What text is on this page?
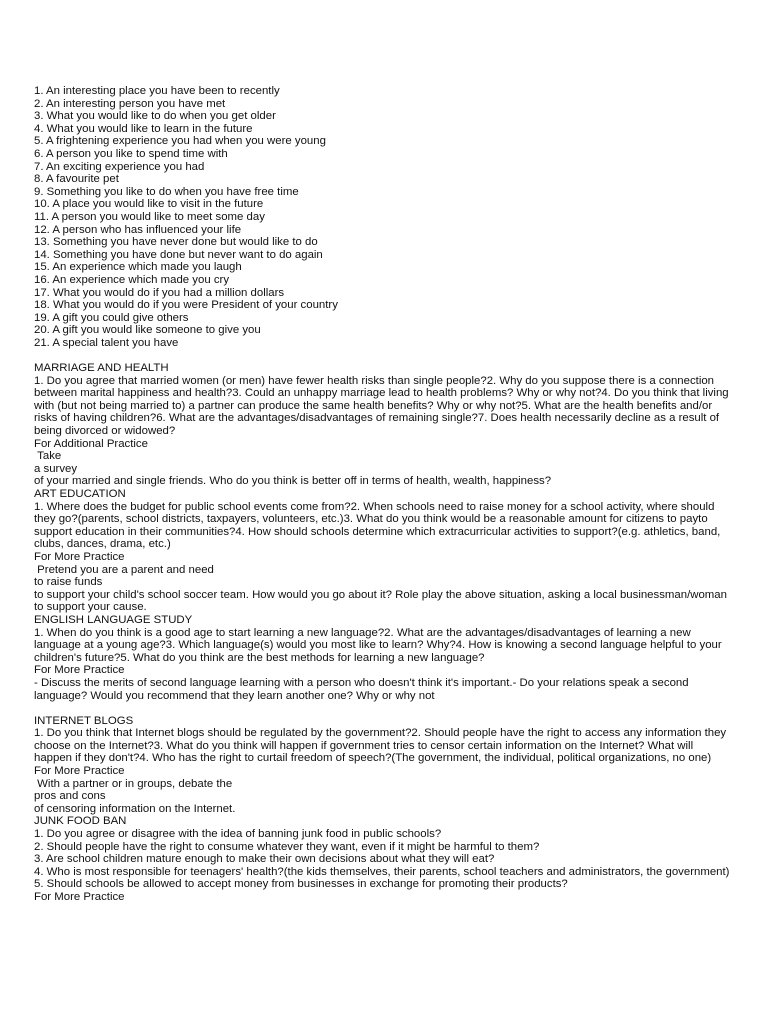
1. An interesting place you have been to recently
2. An interesting person you have met
3. What you would like to do when you get older
4. What you would like to learn in the future
5. A frightening experience you had when you were young
6. A person you like to spend time with
7. An exciting experience you had
8. A favourite pet
9. Something you like to do when you have free time
10. A place you would like to visit in the future
11. A person you would like to meet some day
12. A person who has influenced your life
13. Something you have never done but would like to do
14. Something you have done but never want to do again
15. An experience which made you laugh
16. An experience which made you cry
17. What you would do if you had a million dollars
18. What you would do if you were President of your country
19. A gift you could give others
20. A gift you would like someone to give you
21. A special talent you have
MARRIAGE AND HEALTH
1. Do you agree that married women (or men) have fewer health risks than single people?2. Why do you suppose there is a connection between marital happiness and health?3. Could an unhappy marriage lead to health problems? Why or why not?4. Do you think that living with (but not being married to) a partner can produce the same health benefits? Why or why not?5. What are the health benefits and/or risks of having children?6. What are the advantages/disadvantages of remaining single?7. Does health necessarily decline as a result of being divorced or widowed?
For Additional Practice
Take
a survey
of your married and single friends. Who do you think is better off in terms of health, wealth, happiness?
ART EDUCATION
1. Where does the budget for public school events come from?2. When schools need to raise money for a school activity, where should they go?(parents, school districts, taxpayers, volunteers, etc.)3. What do you think would be a reasonable amount for citizens to payto support education in their communities?4. How should schools determine which extracurricular activities to support?(e.g. athletics, band, clubs, dances, drama, etc.)
For More Practice
Pretend you are a parent and need
to raise funds
to support your child's school soccer team. How would you go about it? Role play the above situation, asking a local businessman/woman to support your cause.
ENGLISH LANGUAGE STUDY
1. When do you think is a good age to start learning a new language?2. What are the advantages/disadvantages of learning a new language at a young age?3. Which language(s) would you most like to learn? Why?4. How is knowing a second language helpful to your children's future?5. What do you think are the best methods for learning a new language?
For More Practice
- Discuss the merits of second language learning with a person who doesn't think it's important.- Do your relations speak a second language? Would you recommend that they learn another one? Why or why not
INTERNET BLOGS
1. Do you think that Internet blogs should be regulated by the government?2. Should people have the right to access any information they choose on the Internet?3. What do you think will happen if government tries to censor certain information on the Internet? What will happen if they don't?4. Who has the right to curtail freedom of speech?(The government, the individual, political organizations, no one)
For More Practice
With a partner or in groups, debate the
pros and cons
of censoring information on the Internet.
JUNK FOOD BAN
1. Do you agree or disagree with the idea of banning junk food in public schools?
2. Should people have the right to consume whatever they want, even if it might be harmful to them?
3. Are school children mature enough to make their own decisions about what they will eat?
4. Who is most responsible for teenagers' health?(the kids themselves, their parents, school teachers and administrators, the government)
5. Should schools be allowed to accept money from businesses in exchange for promoting their products?
For More Practice
